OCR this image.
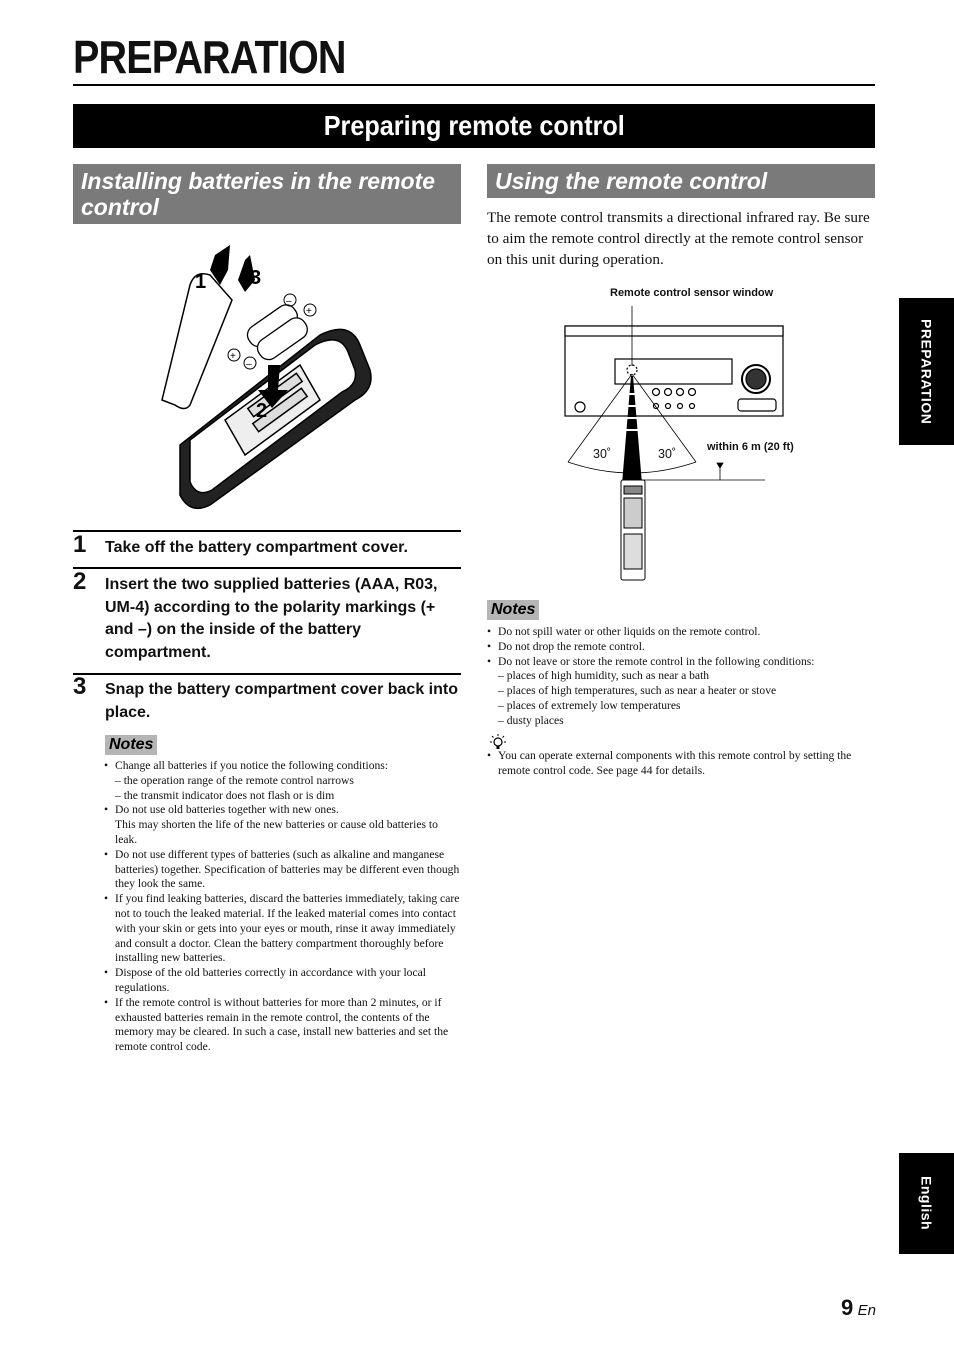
PREPARATION
Preparing remote control
Installing batteries in the remote control
Using the remote control
–
+
+
–
1 3
2
1 Take off the battery compartment cover.
2 Insert the two supplied batteries (AAA, R03, UM-4) according to the polarity markings (+ and –) on the inside of the battery compartment.
3 Snap the battery compartment cover back into place.
Notes
• Change all batteries if you notice the following conditions:
– the operation range of the remote control narrows
– the transmit indicator does not flash or is dim
• Do not use old batteries together with new ones.
This may shorten the life of the new batteries or cause old batteries to leak.
• Do not use different types of batteries (such as alkaline and manganese batteries) together. Specification of batteries may be different even though they look the same.
• If you find leaking batteries, discard the batteries immediately, taking care not to touch the leaked material. If the leaked material comes into contact with your skin or gets into your eyes or mouth, rinse it away immediately and consult a doctor. Clean the battery compartment thoroughly before installing new batteries.
• Dispose of the old batteries correctly in accordance with your local regulations.
• If the remote control is without batteries for more than 2 minutes, or if exhausted batteries remain in the remote control, the contents of the memory may be cleared. In such a case, install new batteries and set the remote control code.

The remote control transmits a directional infrared ray. Be sure to aim the remote control directly at the remote control sensor on this unit during operation.

Remote control sensor window
30˚	30˚	within 6 m (20 ft)
Notes
• Do not spill water or other liquids on the remote control.
• Do not drop the remote control.
• Do not leave or store the remote control in the following conditions:
– places of high humidity, such as near a bath
– places of high temperatures, such as near a heater or stove
– places of extremely low temperatures
– dusty places
• You can operate external components with this remote control by setting the remote control code. See page 44 for details.
PREPARATION
English
9 En
